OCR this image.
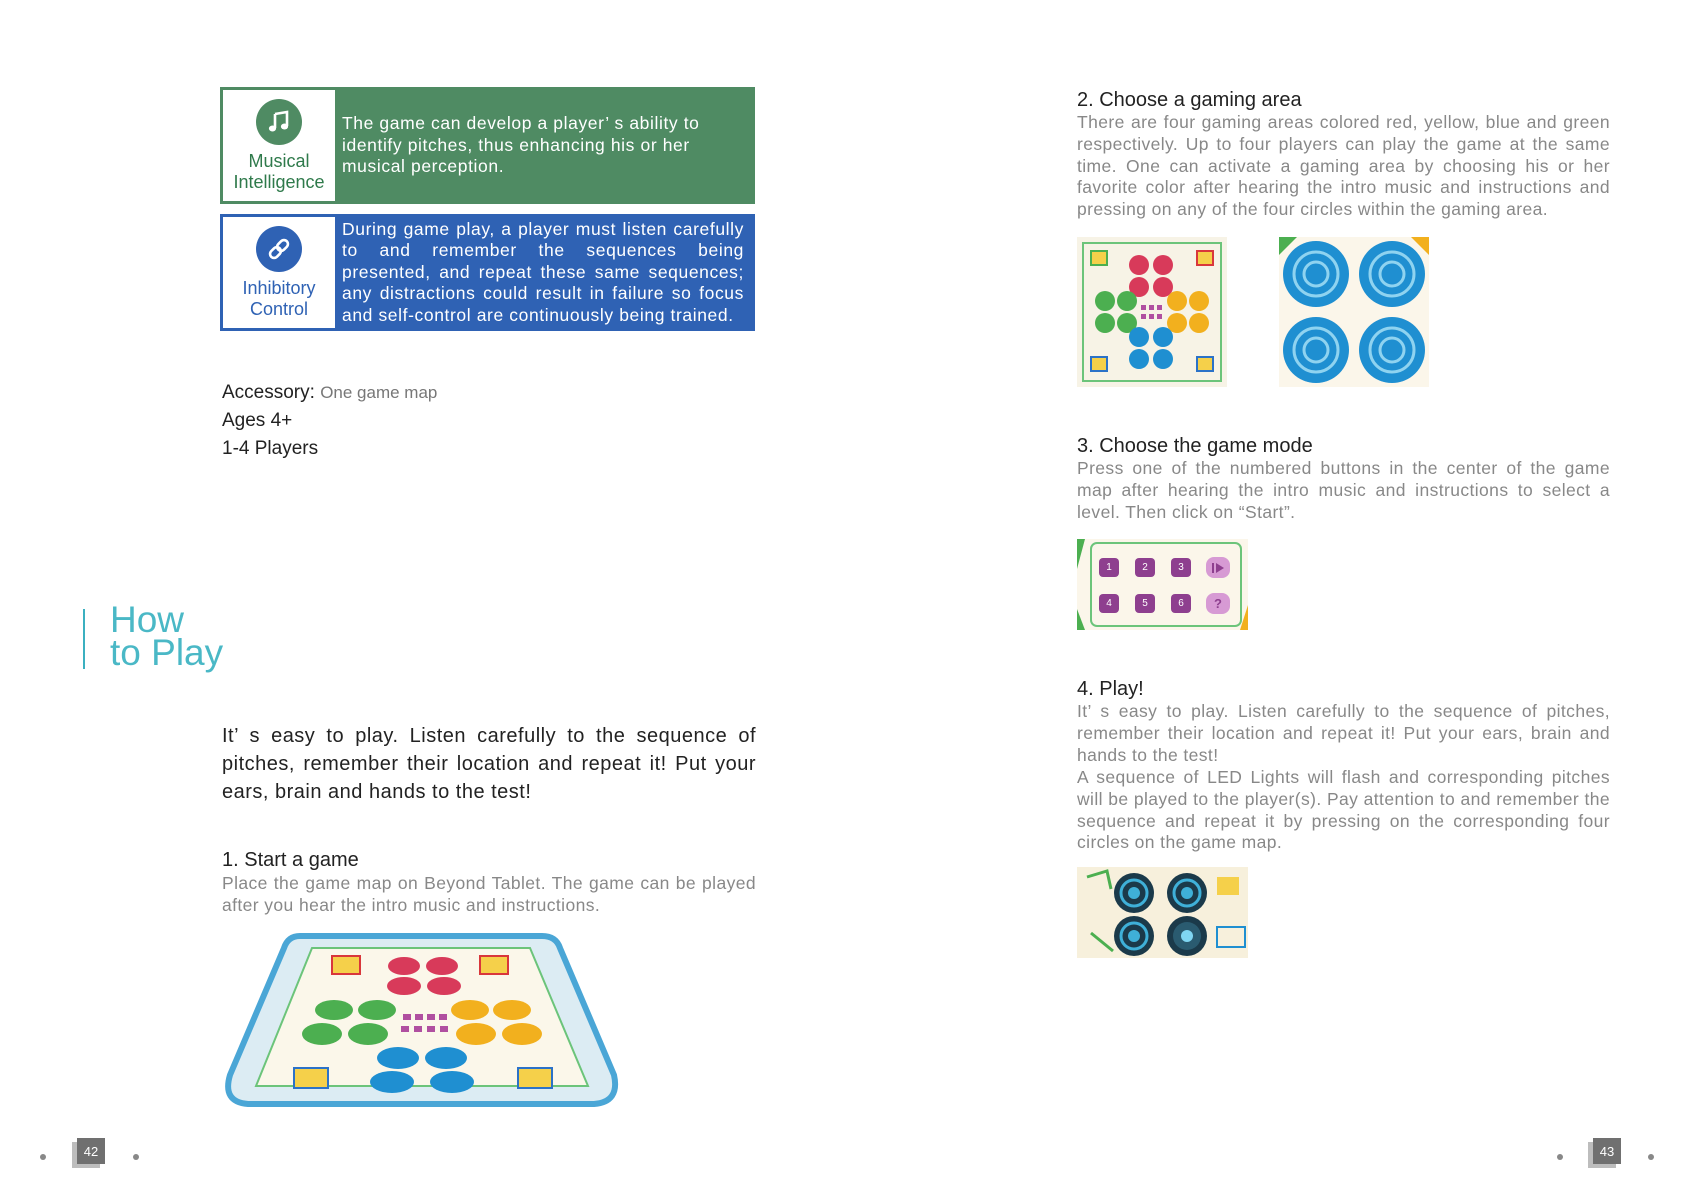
Musical
Intelligence
The game can develop a player’ s ability to identify pitches, thus enhancing his or her musical perception.
Inhibitory
Control
During game play, a player must listen carefully to and remember the sequences being presented, and repeat these same sequences; any distractions could result in failure so focus and self-control are continuously being trained.
Accessory: One game map
Ages 4+
1-4 Players
How
to Play
It’ s easy to play. Listen carefully to the sequence of pitches, remember their location and repeat it! Put your ears, brain and hands to the test!
1. Start a game
Place the game map on Beyond Tablet. The game can be played after you hear the intro music and instructions.
42
2. Choose a gaming area
There are four gaming areas colored red, yellow, blue and green respectively. Up to four players can play the game at the same time. One can activate a gaming area by choosing his or her favorite color after hearing the intro music and instructions and pressing on any of the four circles within the gaming area.
3. Choose the game mode
Press one of the numbered buttons in the center of the game map after hearing the intro music and instructions to select a level. Then click on “Start”.
1	2	3
4	5	6	?
4. Play!
It’ s easy to play. Listen carefully to the sequence of pitches, remember their location and repeat it! Put your ears, brain and hands to the test!
A sequence of LED Lights will flash and corresponding pitches will be played to the player(s). Pay attention to and remember the sequence and repeat it by pressing on the corresponding four circles on the game map.
43
